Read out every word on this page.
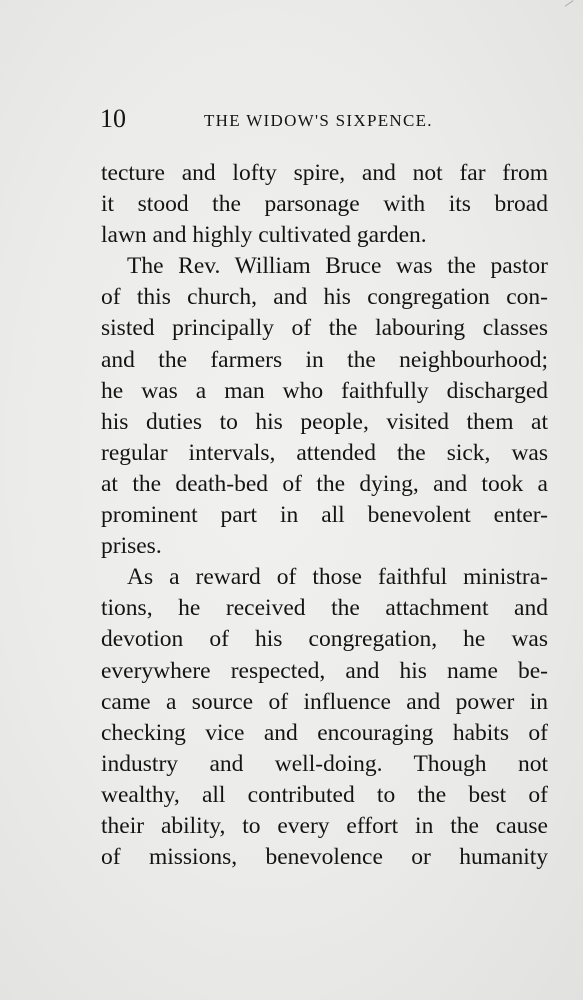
10	THE WIDOW'S SIXPENCE.
tecture and lofty spire, and not far from
it stood the parsonage with its broad
lawn and highly cultivated garden.
The Rev. William Bruce was the pastor
of this church, and his congregation con-
sisted principally of the labouring classes
and the farmers in the neighbourhood;
he was a man who faithfully discharged
his duties to his people, visited them at
regular intervals, attended the sick, was
at the death-bed of the dying, and took a
prominent part in all benevolent enter-
prises.
As a reward of those faithful ministra-
tions, he received the attachment and
devotion of his congregation, he was
everywhere respected, and his name be-
came a source of influence and power in
checking vice and encouraging habits of
industry and well-doing. Though not
wealthy, all contributed to the best of
their ability, to every effort in the cause
of missions, benevolence or humanity
